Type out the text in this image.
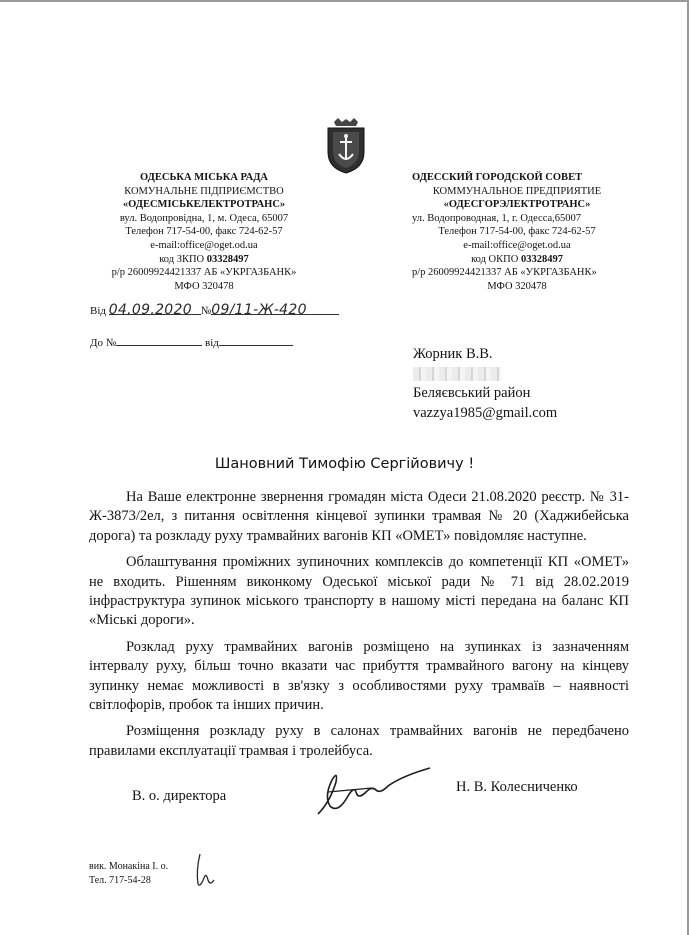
ОДЕСЬКА МІСЬКА РАДА
КОМУНАЛЬНЕ ПІДПРИЄМСТВО
«ОДЕСМІСЬКЕЛЕКТРОТРАНС»
вул. Водопровідна, 1, м. Одеса, 65007
Телефон 717-54-00, факс 724-62-57
e-mail:office@oget.od.ua
код ЗКПО 03328497
р/р 26009924421337 АБ «УКРГАЗБАНК»
МФО 320478
ОДЕССКИЙ ГОРОДСКОЙ СОВЕТ
КОММУНАЛЬНОЕ ПРЕДПРИЯТИЕ
«ОДЕСГОРЭЛЕКТРОТРАНС»
ул. Водопроводная, 1, г. Одесса,65007
Телефон 717-54-00, факс 724-62-57
e-mail:office@oget.od.ua
код ОКПО 03328497
р/р 26009924421337 АБ «УКРГАЗБАНК»
МФО 320478
Від 04.09.2020 №09/11-Ж-420
До №	від
Жорник В.В.
Беляєвський район
vazzya1985@gmail.com
Шановний Тимофію Сергійовичу !

На Ваше електронне звернення громадян міста Одеси 21.08.2020 реєстр. № 31-Ж-3873/2ел, з питання освітлення кінцевої зупинки трамвая № 20 (Хаджибейська дорога) та розкладу руху трамвайних вагонів КП «ОМЕТ» повідомляє наступне.

Облаштування проміжних зупиночних комплексів до компетенції КП «ОМЕТ» не входить. Рішенням виконкому Одеської міської ради № 71 від 28.02.2019 інфраструктура зупинок міського транспорту в нашому місті передана на баланс КП «Міські дороги».

Розклад руху трамвайних вагонів розміщено на зупинках із зазначенням інтервалу руху, більш точно вказати час прибуття трамвайного вагону на кінцеву зупинку немає можливості в зв'язку з особливостями руху трамваїв – наявності світлофорів, пробок та інших причин.

Розміщення розкладу руху в салонах трамвайних вагонів не передбачено правилами експлуатації трамвая і тролейбуса.

В. о. директора
Н. В. Колесниченко
вик. Монакіна І. о.
Тел. 717-54-28
